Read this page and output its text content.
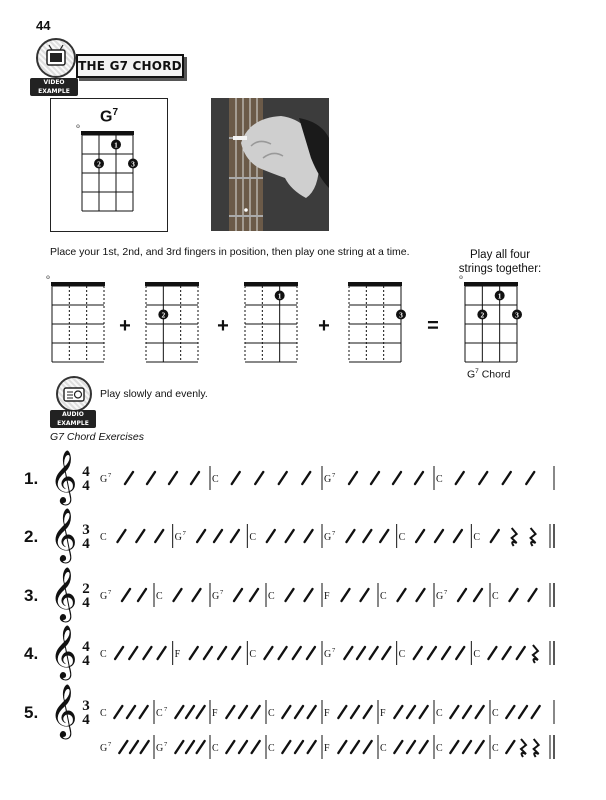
44
VIDEO EXAMPLE
THE G7 CHORD
$G^7$
o
1
2	3
Place your 1st, 2nd, and 3rd fingers in position, then play one string at a time.	Play all four
strings together:
o
2
1
3
o
1
2	3
+	+	+	=
$G^7$ Chord
AUDIO EXAMPLE
Play slowly and evenly.
G7 Chord Exercises
1. 𝄞 4
4 G 7	C	G 7	C
2. 𝄞 3
4 C	G 7	C	G 7	C	C
3. 𝄞 2
4 G 7	C	G 7	C	F	C	G 7	C
4. 𝄞 4
4 C	F	C	G 7	C	C
5. 𝄞 3
4 C	C 7	F	C	F	F	C	C
G 7	G 7	C	C	F	C	C	C
